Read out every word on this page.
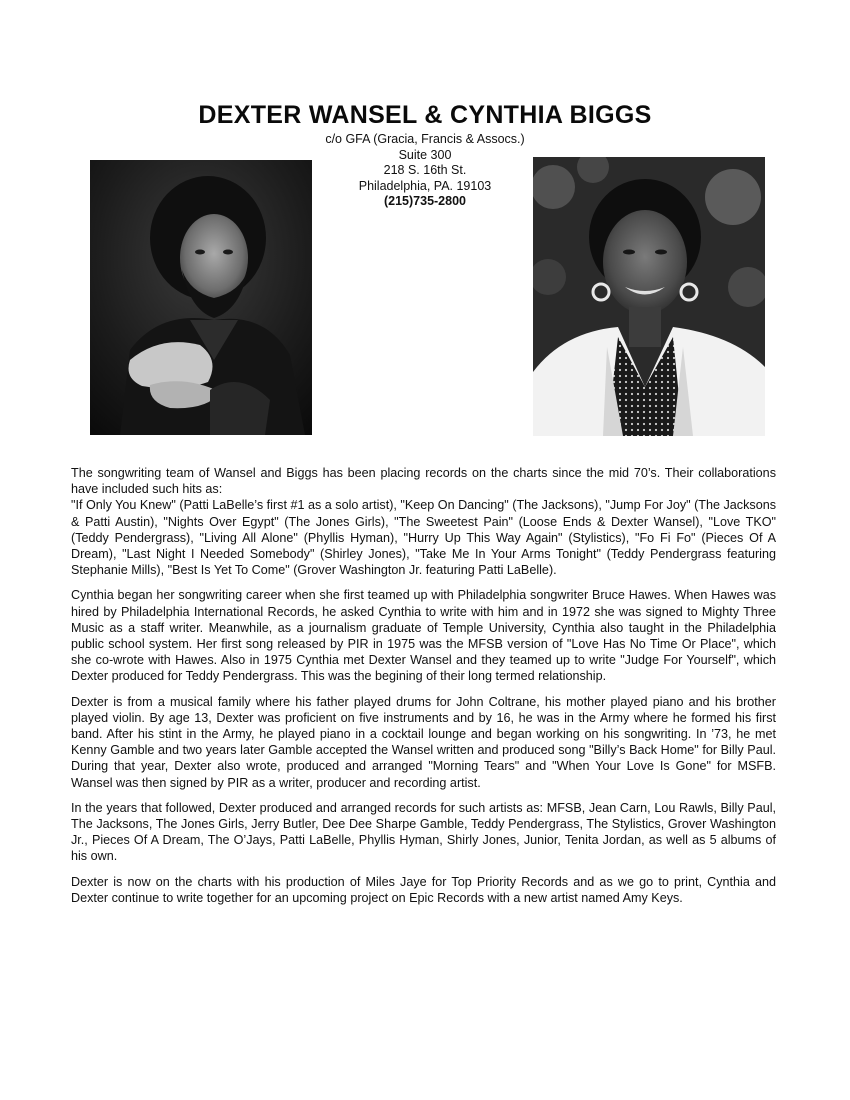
DEXTER WANSEL & CYNTHIA BIGGS
c/o GFA (Gracia, Francis & Assocs.)
Suite 300
218 S. 16th St.
Philadelphia, PA. 19103
(215)735-2800

The songwriting team of Wansel and Biggs has been placing records on the charts since the mid 70’s. Their collaborations have included such hits as:

"If Only You Knew" (Patti LaBelle’s first #1 as a solo artist), "Keep On Dancing" (The Jacksons), "Jump For Joy" (The Jacksons & Patti Austin), "Nights Over Egypt" (The Jones Girls), "The Sweetest Pain" (Loose Ends & Dexter Wansel), "Love TKO" (Teddy Pendergrass), "Living All Alone" (Phyllis Hyman), "Hurry Up This Way Again" (Stylistics), "Fo Fi Fo" (Pieces Of A Dream), "Last Night I Needed Somebody" (Shirley Jones), "Take Me In Your Arms Tonight" (Teddy Pendergrass featuring Stephanie Mills), "Best Is Yet To Come" (Grover Washington Jr. featuring Patti LaBelle).

Cynthia began her songwriting career when she first teamed up with Philadelphia songwriter Bruce Hawes. When Hawes was hired by Philadelphia International Records, he asked Cynthia to write with him and in 1972 she was signed to Mighty Three Music as a staff writer. Meanwhile, as a journalism graduate of Temple University, Cynthia also taught in the Philadelphia public school system. Her first song released by PIR in 1975 was the MFSB version of "Love Has No Time Or Place", which she co-wrote with Hawes. Also in 1975 Cynthia met Dexter Wansel and they teamed up to write "Judge For Yourself", which Dexter produced for Teddy Pendergrass. This was the begining of their long termed relationship.

Dexter is from a musical family where his father played drums for John Coltrane, his mother played piano and his brother played violin. By age 13, Dexter was proficient on five instruments and by 16, he was in the Army where he formed his first band. After his stint in the Army, he played piano in a cocktail lounge and began working on his songwriting. In ’73, he met Kenny Gamble and two years later Gamble accepted the Wansel written and produced song "Billy’s Back Home" for Billy Paul. During that year, Dexter also wrote, produced and arranged "Morning Tears" and "When Your Love Is Gone" for MSFB. Wansel was then signed by PIR as a writer, producer and recording artist.

In the years that followed, Dexter produced and arranged records for such artists as: MFSB, Jean Carn, Lou Rawls, Billy Paul, The Jacksons, The Jones Girls, Jerry Butler, Dee Dee Sharpe Gamble, Teddy Pendergrass, The Stylistics, Grover Washington Jr., Pieces Of A Dream, The O’Jays, Patti LaBelle, Phyllis Hyman, Shirly Jones, Junior, Tenita Jordan, as well as 5 albums of his own.

Dexter is now on the charts with his production of Miles Jaye for Top Priority Records and as we go to print, Cynthia and Dexter continue to write together for an upcoming project on Epic Records with a new artist named Amy Keys.
